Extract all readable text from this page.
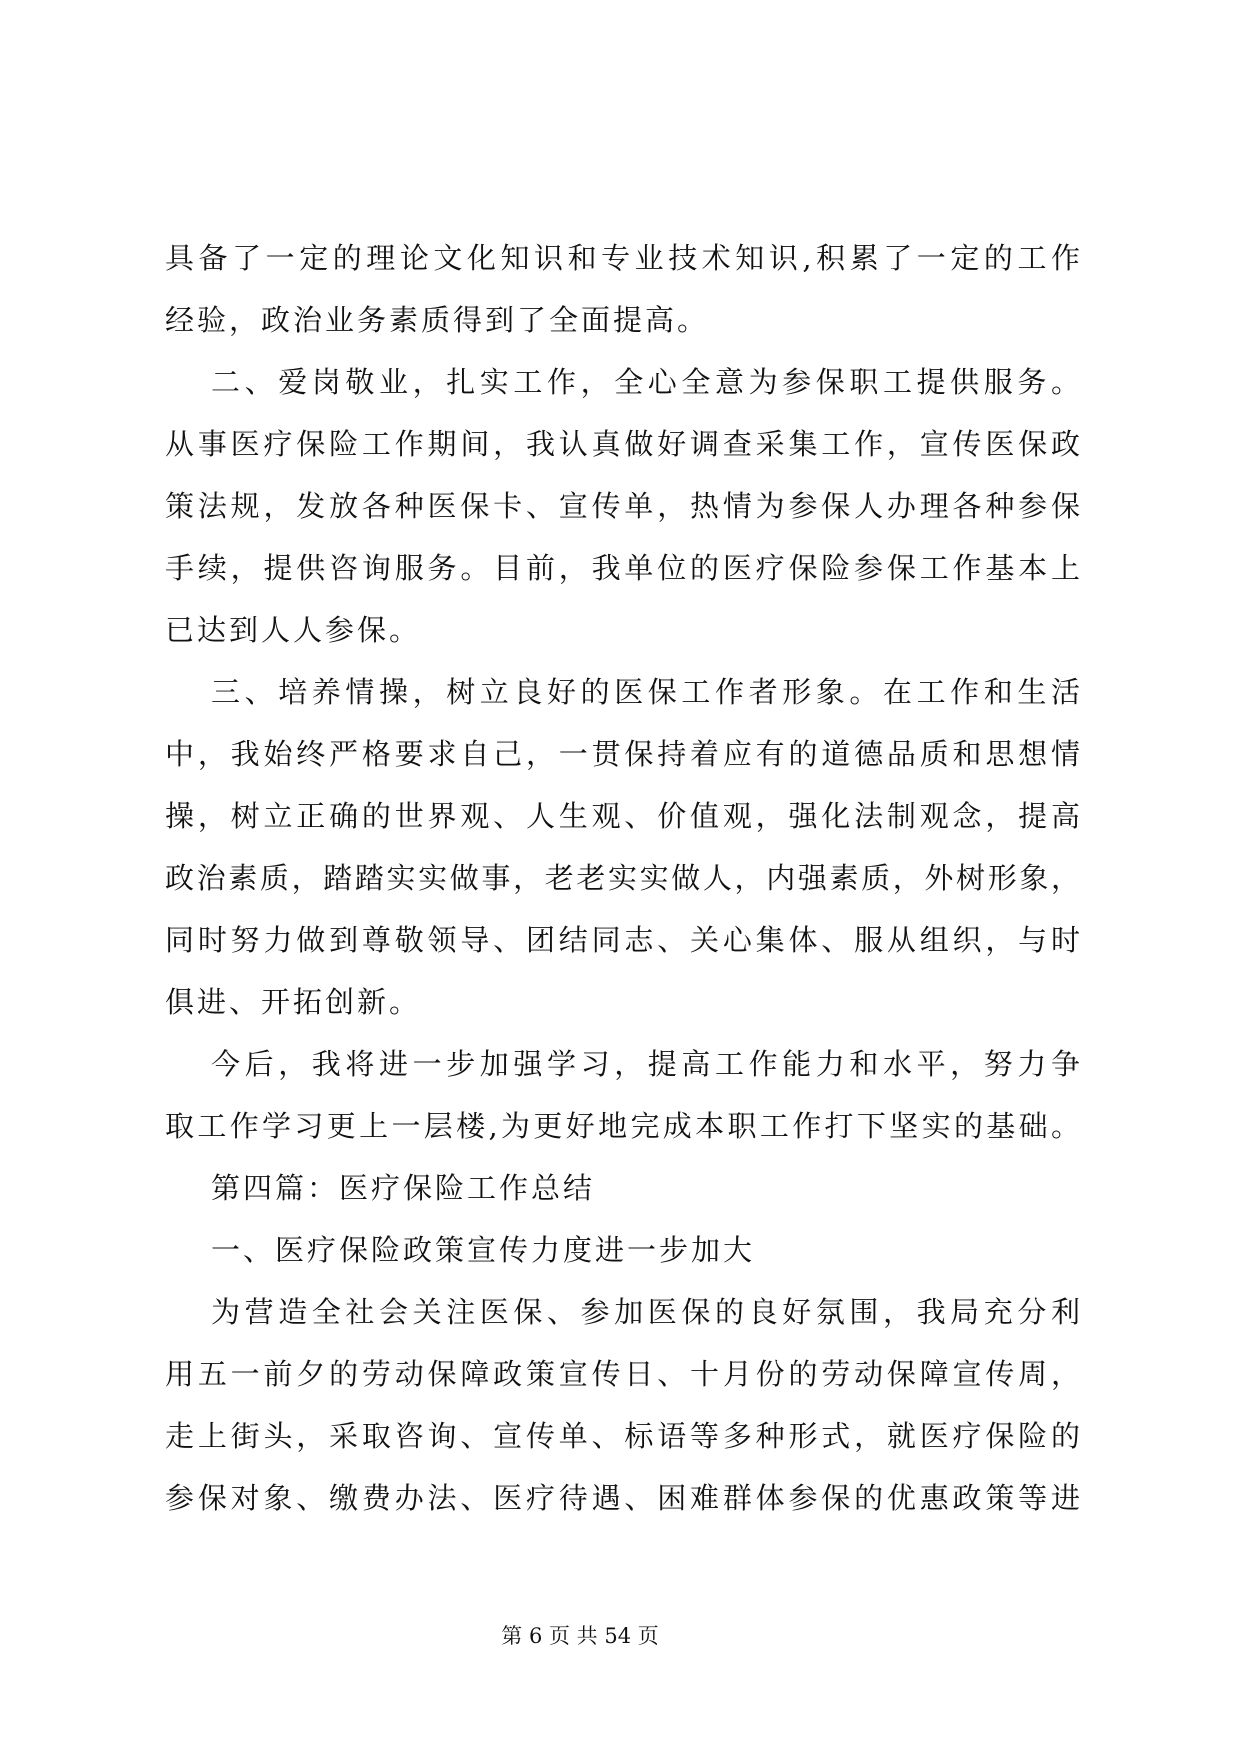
具备了一定的理论文化知识和专业技术知识,积累了一定的工作
经验，政治业务素质得到了全面提高。
二、爱岗敬业，扎实工作，全心全意为参保职工提供服务。
从事医疗保险工作期间，我认真做好调查采集工作，宣传医保政
策法规，发放各种医保卡、宣传单，热情为参保人办理各种参保
手续，提供咨询服务。目前，我单位的医疗保险参保工作基本上
已达到人人参保。
三、培养情操，树立良好的医保工作者形象。在工作和生活
中，我始终严格要求自己，一贯保持着应有的道德品质和思想情
操，树立正确的世界观、人生观、价值观，强化法制观念，提高
政治素质，踏踏实实做事，老老实实做人，内强素质，外树形象，
同时努力做到尊敬领导、团结同志、关心集体、服从组织，与时
俱进、开拓创新。
今后，我将进一步加强学习，提高工作能力和水平，努力争
取工作学习更上一层楼,为更好地完成本职工作打下坚实的基础。
第四篇：医疗保险工作总结
一、医疗保险政策宣传力度进一步加大
为营造全社会关注医保、参加医保的良好氛围，我局充分利
用五一前夕的劳动保障政策宣传日、十月份的劳动保障宣传周，
走上街头，采取咨询、宣传单、标语等多种形式，就医疗保险的
参保对象、缴费办法、医疗待遇、困难群体参保的优惠政策等进
第 6 页 共 54 页
